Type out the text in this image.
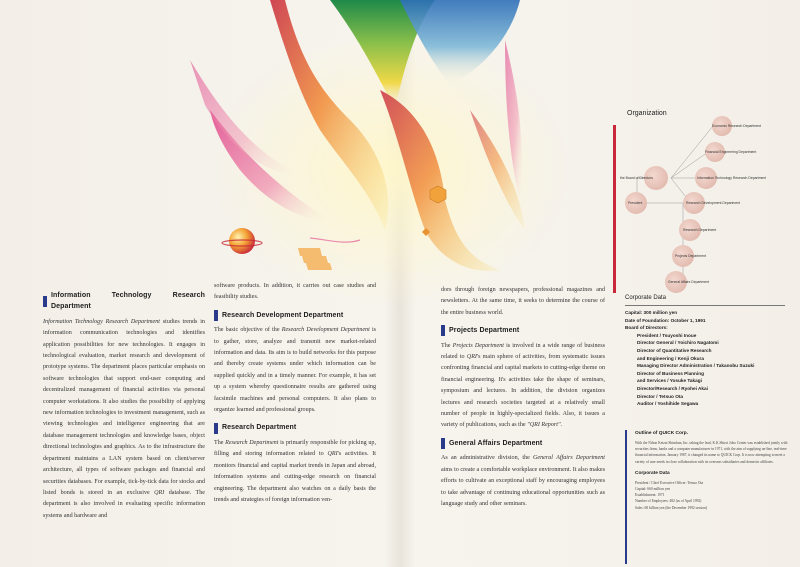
Information Technology Research Department

Information Technology Research Department studies trends in information communication technologies and identifies application possibilities for new technologies. It engages in technological evaluation, market research and development of prototype systems. The department places particular emphasis on software technologies that support end-user computing and decentralized management of financial activities via personal computer workstations. It also studies the possibility of applying new information technologies to investment management, such as viewing technologies and intelligence engineering that are database management technologies and knowledge bases, object directional technologies and graphics. As to the infrastructure the department maintains a LAN system based on client/server architecture, all types of software packages and financial and securities databases. For example, tick-by-tick data for stocks and listed bonds is stored in an exclusive QRI database. The department is also involved in evaluating specific information systems and hardware and

software products. In addition, it carries out case studies and feasibility studies.

Research Development Department

The basic objective of the Research Development Department is to gather, store, analyze and transmit new market-related information and data. Its aim is to build networks for this purpose and thereby create systems under which information can be supplied quickly and in a timely manner. For example, it has set up a system whereby questionnaire results are gathered using facsimile machines and personal computers. It also plans to organize learned and professional groups.

Research Department

The Research Department is primarily responsible for picking up, filling and storing information related to QRI's activities. It monitors financial and capital market trends in Japan and abroad, information systems and cutting-edge research on financial engineering. The department also watches on a daily basis the trends and strategies of foreign information ven-

dors through foreign newspapers, professional magazines and newsletters. At the same time, it seeks to determine the course of the entire business world.

Projects Department

The Projects Department is involved in a wide range of business related to QRI's main sphere of activities, from systematic issues confronting financial and capital markets to cutting-edge theme on financial engineering. It's activities take the shape of seminars, symposium and lectures. In addition, the division organizes lectures and research societies targeted at a relatively small number of people in highly-specialized fields. Also, it issues a variety of publications, such as the "QRI Report".

General Affairs Department

As an administrative division, the General Affairs Department aims to create a comfortable workplace environment. It also makes efforts to cultivate an exceptional staff by encouraging employees to take advantage of continuing educational opportunities such as language study and other seminars.

Organization
Economic Research Department
Financial Engineering Department
the Board of Directors	Information Technology Research Department
President	Research Development Department
Research Department
Projects Department
General Affairs Department
Corporate Data
Capital: 300 million yen
Date of Foundation: October 1, 1991
Board of Directors:
President / Tsuyoshi Inoue
Director General / Yoichiro Nagatomi
Director of Quantitative Research
and Engineering / Kenji Okura
Managing Director Administration / Takanobu Suzuki
Director of Business Planning
and Services / Yosuke Takagi
Director/Research / Ryohei Akai
Director / Tetsuo Ota
Auditor / Yoshihide Segawa
Outline of QUICK Corp.
With the Nihon Keizai Shimbun, Inc. taking the lead, K.K.Shiroi Joho Center was established jointly with securities firms, banks and a computer manufacturer in 1971, with the aim of supplying on-line, real-time financial information. January 1987, it changed its name to QUICK Corp. It is now attempting to meet a variety of user needs in close collaboration with its overseas subsidiaries and domestic affiliates.
Corporate Data
President / Chief Executive Officer: Tetsuo Ota
Capital: 660 million yen
Establishment: 1971
Number of Employees: 482 (as of April 1992)
Sales: 68 billion yen (the December 1992 session)
